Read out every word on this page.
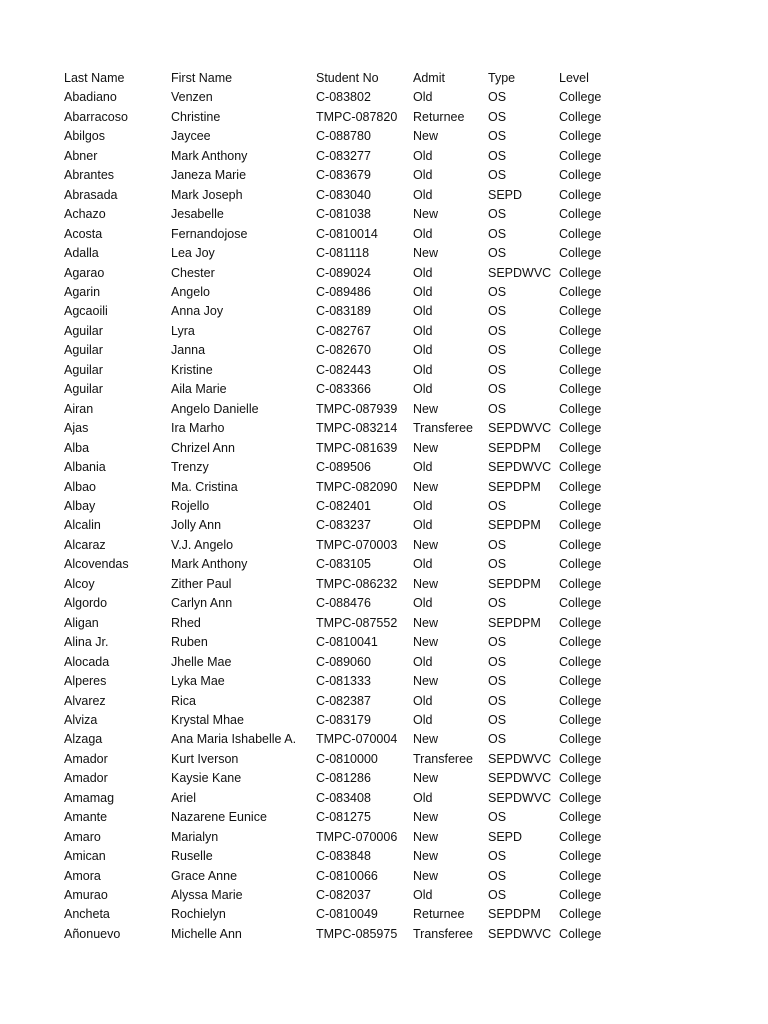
Last Name	First Name	Student No	Admit	Type	Level
Abadiano	Venzen	C-083802	Old	OS	College
Abarracoso	Christine	TMPC-087820	Returnee	OS	College
Abilgos	Jaycee	C-088780	New	OS	College
Abner	Mark Anthony	C-083277	Old	OS	College
Abrantes	Janeza Marie	C-083679	Old	OS	College
Abrasada	Mark Joseph	C-083040	Old	SEPD	College
Achazo	Jesabelle	C-081038	New	OS	College
Acosta	Fernandojose	C-0810014	Old	OS	College
Adalla	Lea Joy	C-081118	New	OS	College
Agarao	Chester	C-089024	Old	SEPDWVC	College
Agarin	Angelo	C-089486	Old	OS	College
Agcaoili	Anna Joy	C-083189	Old	OS	College
Aguilar	Lyra	C-082767	Old	OS	College
Aguilar	Janna	C-082670	Old	OS	College
Aguilar	Kristine	C-082443	Old	OS	College
Aguilar	Aila Marie	C-083366	Old	OS	College
Airan	Angelo Danielle	TMPC-087939	New	OS	College
Ajas	Ira Marho	TMPC-083214	Transferee	SEPDWVC	College
Alba	Chrizel Ann	TMPC-081639	New	SEPDPM	College
Albania	Trenzy	C-089506	Old	SEPDWVC	College
Albao	Ma. Cristina	TMPC-082090	New	SEPDPM	College
Albay	Rojello	C-082401	Old	OS	College
Alcalin	Jolly Ann	C-083237	Old	SEPDPM	College
Alcaraz	V.J. Angelo	TMPC-070003	New	OS	College
Alcovendas	Mark Anthony	C-083105	Old	OS	College
Alcoy	Zither Paul	TMPC-086232	New	SEPDPM	College
Algordo	Carlyn Ann	C-088476	Old	OS	College
Aligan	Rhed	TMPC-087552	New	SEPDPM	College
Alina Jr.	Ruben	C-0810041	New	OS	College
Alocada	Jhelle Mae	C-089060	Old	OS	College
Alperes	Lyka Mae	C-081333	New	OS	College
Alvarez	Rica	C-082387	Old	OS	College
Alviza	Krystal Mhae	C-083179	Old	OS	College
Alzaga	Ana Maria Ishabelle A.	TMPC-070004	New	OS	College
Amador	Kurt Iverson	C-0810000	Transferee	SEPDWVC	College
Amador	Kaysie Kane	C-081286	New	SEPDWVC	College
Amamag	Ariel	C-083408	Old	SEPDWVC	College
Amante	Nazarene Eunice	C-081275	New	OS	College
Amaro	Marialyn	TMPC-070006	New	SEPD	College
Amican	Ruselle	C-083848	New	OS	College
Amora	Grace Anne	C-0810066	New	OS	College
Amurao	Alyssa Marie	C-082037	Old	OS	College
Ancheta	Rochielyn	C-0810049	Returnee	SEPDPM	College
Añonuevo	Michelle Ann	TMPC-085975	Transferee	SEPDWVC	College
